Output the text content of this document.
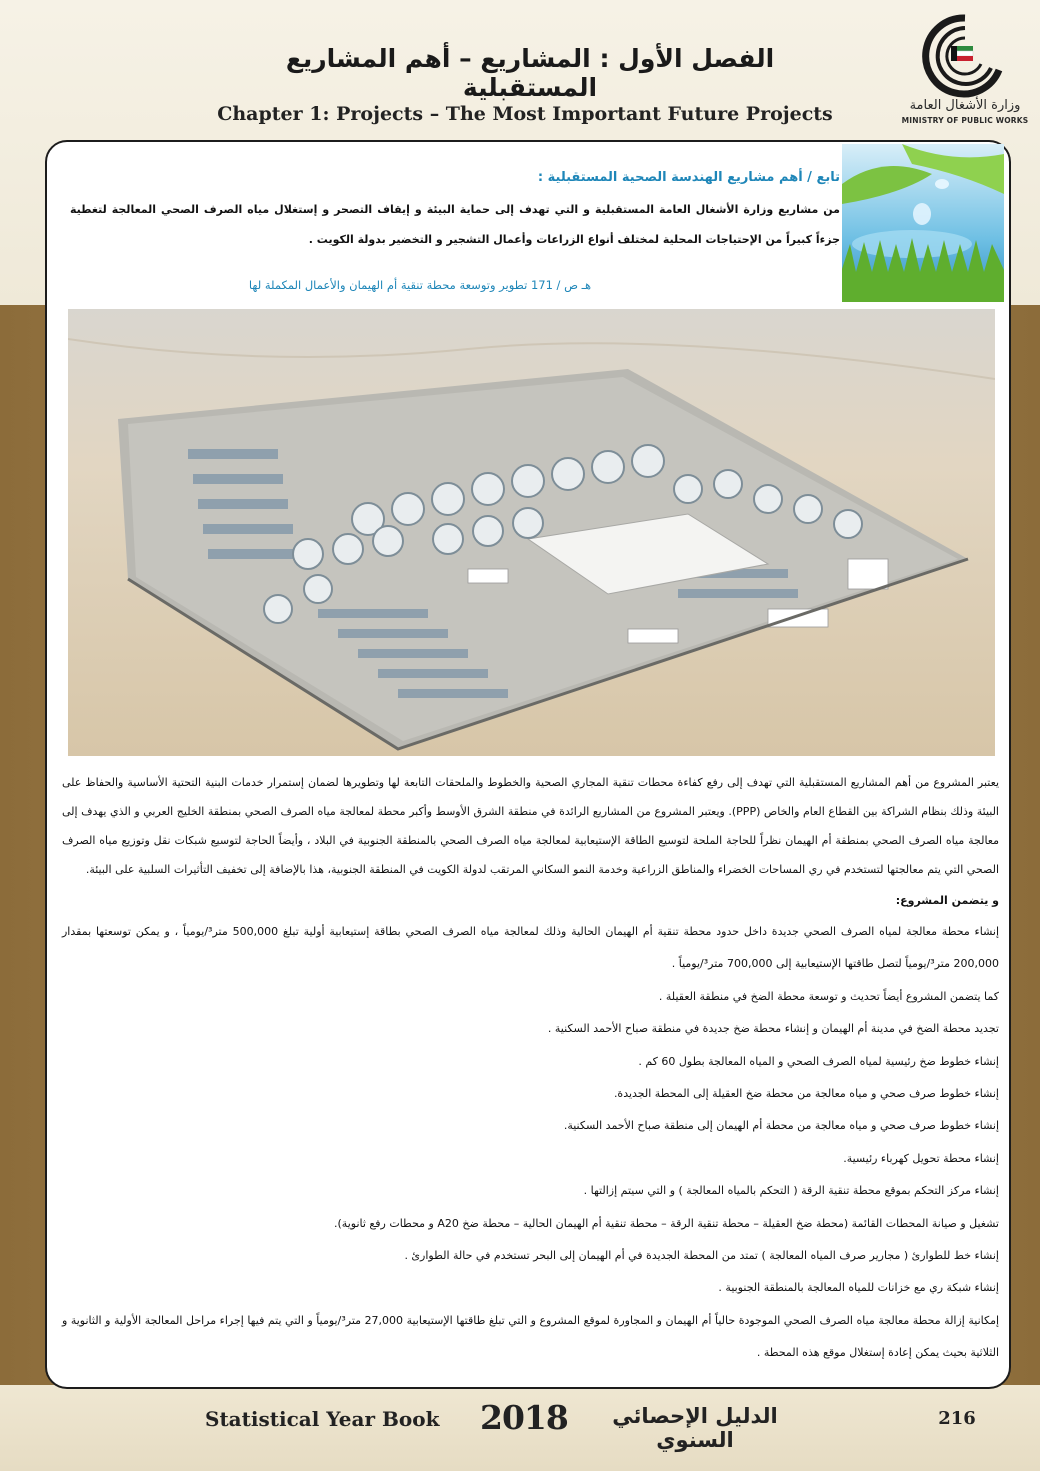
وزارة الأشغال العامة
MINISTRY OF PUBLIC WORKS
الفصل الأول : المشاريع – أهم المشاريع المستقبلية
Chapter 1: Projects – The Most Important Future Projects
تابع / أهم مشاريع الهندسة الصحية المستقبلية :
من مشاريع وزارة الأشغال العامة المستقبلية و التي تهدف إلى حماية البيئة و إيقاف التصحر و إستغلال مياه الصرف الصحي المعالجة لتغطية جزءاً كبيراً من الإحتياجات المحلية لمختلف أنواع الزراعات وأعمال التشجير و التخضير بدولة الكويت .
هـ ص / 171 تطوير وتوسعة محطة تنقية أم الهيمان والأعمال المكملة لها

يعتبر المشروع من أهم المشاريع المستقبلية التي تهدف إلى رفع كفاءة محطات تنقية المجاري الصحية والخطوط والملحقات التابعة لها وتطويرها لضمان إستمرار خدمات البنية التحتية الأساسية والحفاظ على البيئة وذلك بنظام الشراكة بين القطاع العام والخاص (PPP). ويعتبر المشروع من المشاريع الرائدة في منطقة الشرق الأوسط وأكبر محطة لمعالجة مياه الصرف الصحي بمنطقة الخليج العربي و الذي يهدف إلى معالجة مياه الصرف الصحي بمنطقة أم الهيمان نظراً للحاجة الملحة لتوسيع الطاقة الإستيعابية لمعالجة مياه الصرف الصحي بالمنطقة الجنوبية في البلاد ، وأيضاً الحاجة لتوسيع شبكات نقل وتوزيع مياه الصرف الصحي التي يتم معالجتها لتستخدم في ري المساحات الخضراء والمناطق الزراعية وخدمة النمو السكاني المرتقب لدولة الكويت في المنطقة الجنوبية، هذا بالإضافة إلى تخفيف التأثيرات السلبية على البيئة.

و يتضمن المشروع:

إنشاء محطة معالجة لمياه الصرف الصحي جديدة داخل حدود محطة تنقية أم الهيمان الحالية وذلك لمعالجة مياه الصرف الصحي بطاقة إستيعابية أولية تبلغ 500,000 متر³/يومياً ، و يمكن توسعتها بمقدار 200,000 متر³/يومياً لتصل طاقتها الإستيعابية إلى 700,000 متر³/يومياً .

كما يتضمن المشروع أيضاً تحديث و توسعة محطة الضخ في منطقة العقيلة .

تجديد محطة الضخ في مدينة أم الهيمان و إنشاء محطة ضخ جديدة في منطقة صباح الأحمد السكنية .

إنشاء خطوط ضخ رئيسية لمياه الصرف الصحي و المياه المعالجة بطول 60 كم .

إنشاء خطوط صرف صحي و مياه معالجة من محطة ضخ العقيلة إلى المحطة الجديدة.

إنشاء خطوط صرف صحي و مياه معالجة من محطة أم الهيمان إلى منطقة صباح الأحمد السكنية.

إنشاء محطة تحويل كهرباء رئيسية.

إنشاء مركز التحكم بموقع محطة تنقية الرقة ( التحكم بالمياه المعالجة ) و التي سيتم إزالتها .

تشغيل و صيانة المحطات القائمة (محطة ضخ العقيلة – محطة تنقية الرقة – محطة تنقية أم الهيمان الحالية – محطة ضخ A20 و محطات رفع ثانوية).

إنشاء خط للطوارئ ( مجارير صرف المياه المعالجة ) تمتد من المحطة الجديدة في أم الهيمان إلى البحر تستخدم في حالة الطوارئ .

إنشاء شبكة ري مع خزانات للمياه المعالجة بالمنطقة الجنوبية .

إمكانية إزالة محطة معالجة مياه الصرف الصحي الموجودة حالياً أم الهيمان و المجاورة لموقع المشروع و التي تبلغ طاقتها الإستيعابية 27,000 متر³/يومياً و التي يتم فيها إجراء مراحل المعالجة الأولية و الثانوية و الثلاثية بحيث يمكن إعادة إستغلال موقع هذه المحطة .

Statistical Year Book	2018	الدليل الإحصائي السنوي
216
